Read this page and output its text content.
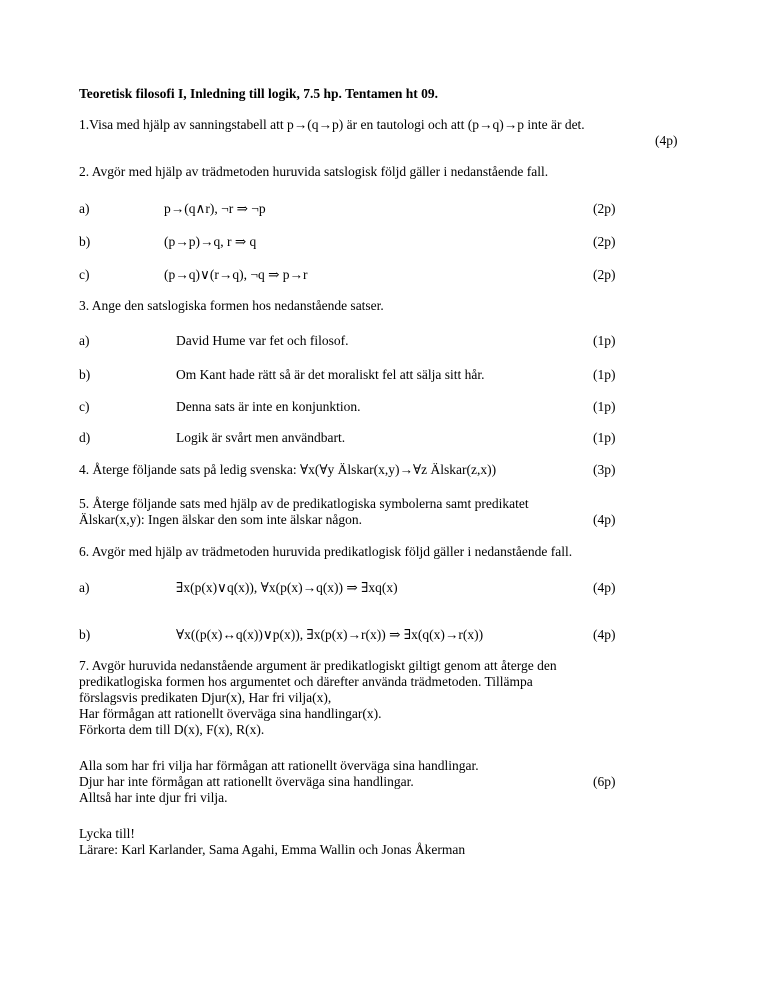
Teoretisk filosofi I, Inledning till logik, 7.5 hp. Tentamen ht 09.
1.Visa med hjälp av sanningstabell att p→(q→p) är en tautologi och att (p→q)→p inte är det.
(4p)
2. Avgör med hjälp av trädmetoden huruvida satslogisk följd gäller i nedanstående fall.
a)	p→(q∧r), ¬r ⇒ ¬p	(2p)
b)	(p→p)→q, r ⇒ q	(2p)
c)	(p→q)∨(r→q), ¬q ⇒ p→r	(2p)
3. Ange den satslogiska formen hos nedanstående satser.
a)	David Hume var fet och filosof.	(1p)
b)	Om Kant hade rätt så är det moraliskt fel att sälja sitt hår.	(1p)
c)	Denna sats är inte en konjunktion.	(1p)
d)	Logik är svårt men användbart.	(1p)
4. Återge följande sats på ledig svenska: ∀x(∀y Älskar(x,y)→∀z Älskar(z,x))	(3p)
5. Återge följande sats med hjälp av de predikatlogiska symbolerna samt predikatet
Älskar(x,y): Ingen älskar den som inte älskar någon.	(4p)
6. Avgör med hjälp av trädmetoden huruvida predikatlogisk följd gäller i nedanstående fall.
a)	∃x(p(x)∨q(x)), ∀x(p(x)→q(x)) ⇒ ∃xq(x)	(4p)
b)	∀x((p(x)↔q(x))∨p(x)), ∃x(p(x)→r(x)) ⇒ ∃x(q(x)→r(x))	(4p)
7. Avgör huruvida nedanstående argument är predikatlogiskt giltigt genom att återge den
predikatlogiska formen hos argumentet och därefter använda trädmetoden. Tillämpa
förslagsvis predikaten Djur(x), Har fri vilja(x),
Har förmågan att rationellt överväga sina handlingar(x).
Förkorta dem till D(x), F(x), R(x).
Alla som har fri vilja har förmågan att rationellt överväga sina handlingar.
Djur har inte förmågan att rationellt överväga sina handlingar.	(6p)
Alltså har inte djur fri vilja.
Lycka till!
Lärare: Karl Karlander, Sama Agahi, Emma Wallin och Jonas Åkerman
